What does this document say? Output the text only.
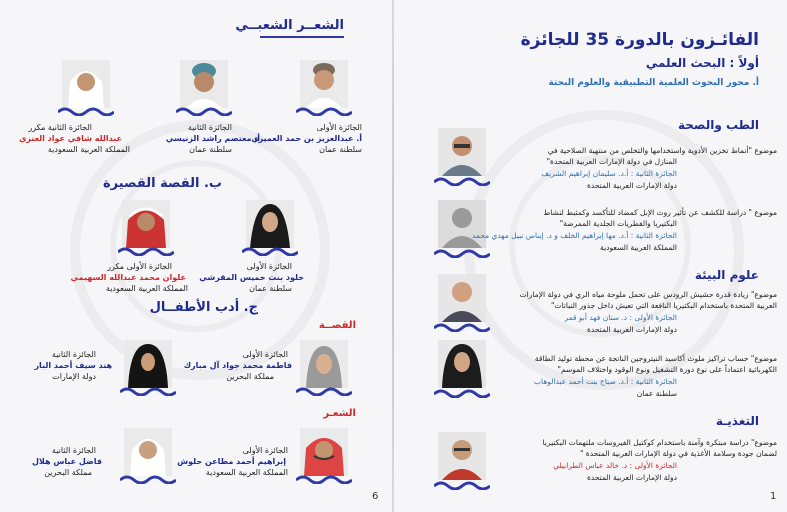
الشعــر الشعبــي
الجائزة الأولى
أ. عبدالعزيز بن حمد العميري
سلطنة عمان
الجائزة الثانية
أ. معتصم راشد الزنيسي
سلطنة عمان
الجائزة الثانية مكرر
عبدالله شافي عواد العنزي
المملكة العربية السعودية
ب. القصة القصيرة
الجائزة الأولى
خلود بنت خميس المقرشي
سلطنة عمان
الجائزة الأولى مكرر
علوان محمد عبدالله السهيمي
المملكة العربية السعودية
ج. أدب الأطفــال
القصــة
الجائزة الأولى
فاطمة محمد جواد آل مبارك
مملكة البحرين
الجائزة الثانية
هند سيف أحمد البار
دولة الإمارات
الشعـر
الجائزة الأولى
إبراهيم أحمد مطاعن حلوش
المملكة العربية السعودية
الجائزة الثانية
فاضل عباس هلال
مملكة البحرين
6
الفائـزون بالدورة 35 للجائزة
أولاً : البحث العلمي
أ. محور البحوث العلمية التطبيقية والعلوم البحتة
الطب والصحة
موضوع "أنماط تخزين الأدوية واستخدامها والتخلص من منتهية الصلاحية في
المنازل في دولة الإمارات العربية المتحدة"
الجائزة الثانية : أ.د. سليمان إبراهيم الشريف
دولة الإمارات العربية المتحدة
موضوع " دراسة للكشف عن تأثير روث الإبل كمضاد للتأكسد وكمثبط لنشاط
البكتيريا والفطريات الجلدية الممرضة"
الجائزة الثانية : أ.د. مها إبراهيم الخلف و د. إيناس نبيل مهدي محمد
المملكة العربية السعودية
علوم البيئة
موضوع" زيادة قدرة حشيش الرودس على تحمل ملوحة مياه الري في دولة الإمارات
العربية المتحدة باستخدام البكتيريا النافعة التي تعيش داخل جذور النباتات"
الجائزة الأولى : د. سنان فهد أبو قمر
دولة الإمارات العربية المتحدة
موضوع" حساب تراكيز ملوث أكاسيد النيتروجين الناتجة عن محطة توليد الطاقة
الكهربائية اعتماداً على نوع دورة التشغيل ونوع الوقود واختلاف الموسم"
الجائزة الثانية : أ.د. صباح بنت أحمد عبدالوهاب
سلطنة عمان
التغذيـة
موضوع" دراسة مبتكرة وآمنة باستخدام كوكتيل الفيروسات ملتهمات البكتيريا
لضمان جودة وسلامة الأغذية في دولة الإمارات العربية المتحدة "
الجائزة الأولى : د. خالد عباس الطرابيلي
دولة الإمارات العربية المتحدة
1
